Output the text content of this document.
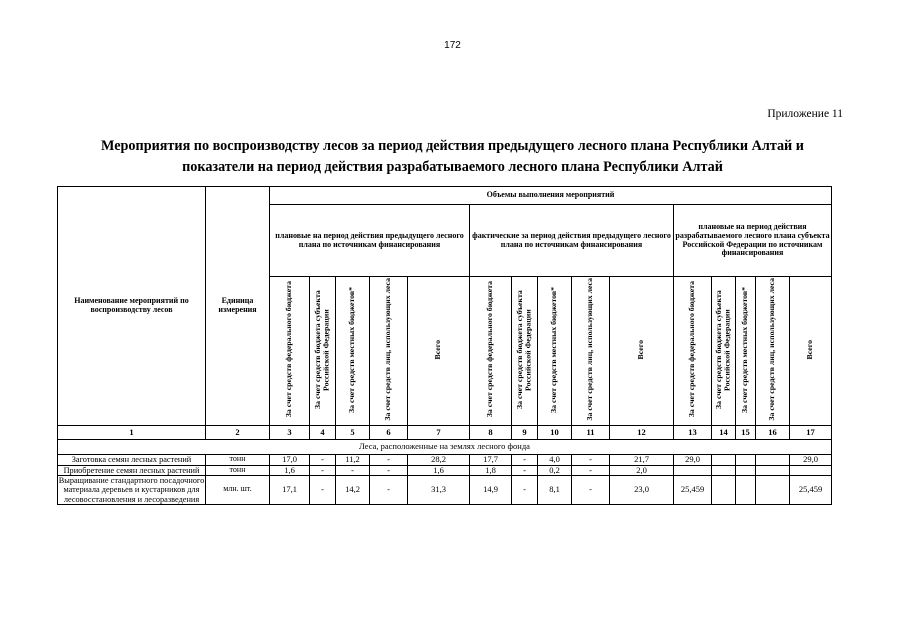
172
Приложение 11
Мероприятия по воспроизводству лесов за период действия предыдущего лесного плана Республики Алтай и
показатели на период действия разрабатываемого лесного плана Республики Алтай
Наименование мероприятий по воспроизводству лесов	Единица измерения	Объемы выполнения мероприятий														
		плановые на период действия предыдущего лесного плана по источникам финансирования					фактические за период действия предыдущего лесного плана по источникам финансирования					плановые на период действия разрабатываемого лесного плана субъекта Российской Федерации по источникам финансирования				
		За счет средств федерального бюджета	За счет средств бюджета субъекта Российской Федерации	За счет средств местных бюджетов*	За счет средств лиц, использующих леса	Всего	За счет средств федерального бюджета	За счет средств бюджета субъекта Российской Федерации	За счет средств местных бюджетов*	За счет средств лиц, использующих леса	Всего	За счет средств федерального бюджета	За счет средств бюджета субъекта Российской Федерации	За счет средств местных бюджетов*	За счет средств лиц, использующих леса	Всего
1	2	3	4	5	6	7	8	9	10	11	12	13	14	15	16	17
Леса, расположенные на землях лесного фонда																
Заготовка семян лесных растений	тонн	17,0	-	11,2	-	28,2	17,7	-	4,0	-	21,7	29,0				29,0
Приобретение семян лесных растений	тонн	1,6	-	-	-	1,6	1,8	-	0,2	-	2,0					
Выращивание стандартного посадочного материала деревьев и кустарников для лесовосстановления и лесоразведения	млн. шт.	17,1	-	14,2	-	31,3	14,9	-	8,1	-	23,0	25,459				25,459
